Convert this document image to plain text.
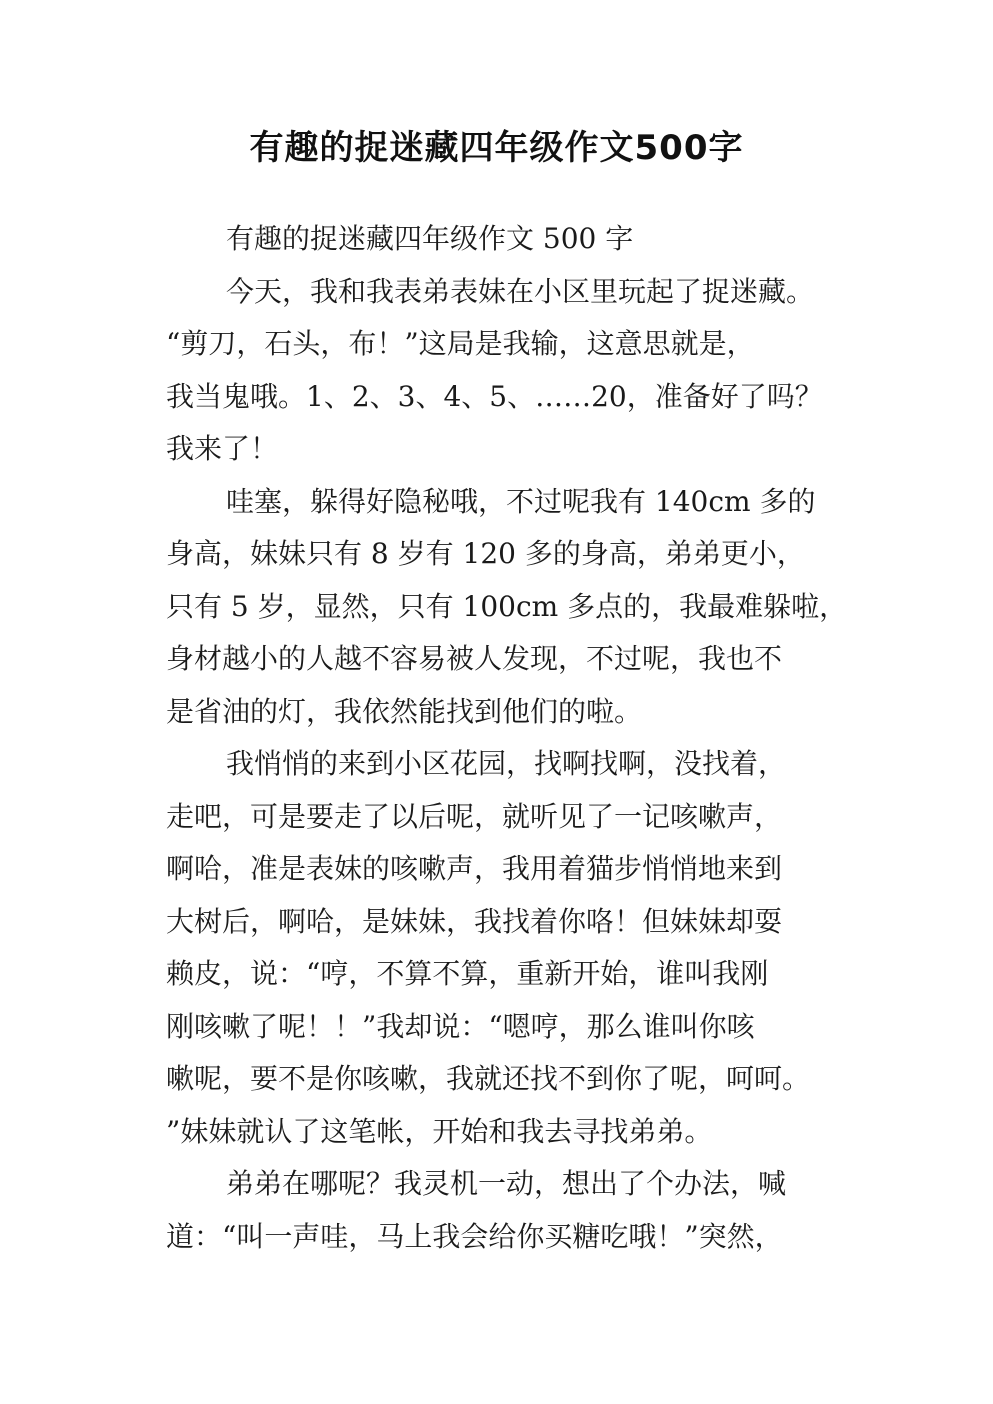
有趣的捉迷藏四年级作文500字
有趣的捉迷藏四年级作文 500 字
今天，我和我表弟表妹在小区里玩起了捉迷藏。
“剪刀，石头，布！”这局是我输，这意思就是，
我当鬼哦。1、2、3、4、5、……20，准备好了吗？
我来了！
哇塞，躲得好隐秘哦，不过呢我有 140cm 多的
身高，妹妹只有 8 岁有 120 多的身高，弟弟更小，
只有 5 岁，显然，只有 100cm 多点的，我最难躲啦，
身材越小的人越不容易被人发现，不过呢，我也不
是省油的灯，我依然能找到他们的啦。
我悄悄的来到小区花园，找啊找啊，没找着，
走吧，可是要走了以后呢，就听见了一记咳嗽声，
啊哈，准是表妹的咳嗽声，我用着猫步悄悄地来到
大树后，啊哈，是妹妹，我找着你咯！但妹妹却耍
赖皮，说：“哼，不算不算，重新开始，谁叫我刚
刚咳嗽了呢！！”我却说：“嗯哼，那么谁叫你咳
嗽呢，要不是你咳嗽，我就还找不到你了呢，呵呵。
”妹妹就认了这笔帐，开始和我去寻找弟弟。
弟弟在哪呢？我灵机一动，想出了个办法，喊
道：“叫一声哇，马上我会给你买糖吃哦！”突然，
